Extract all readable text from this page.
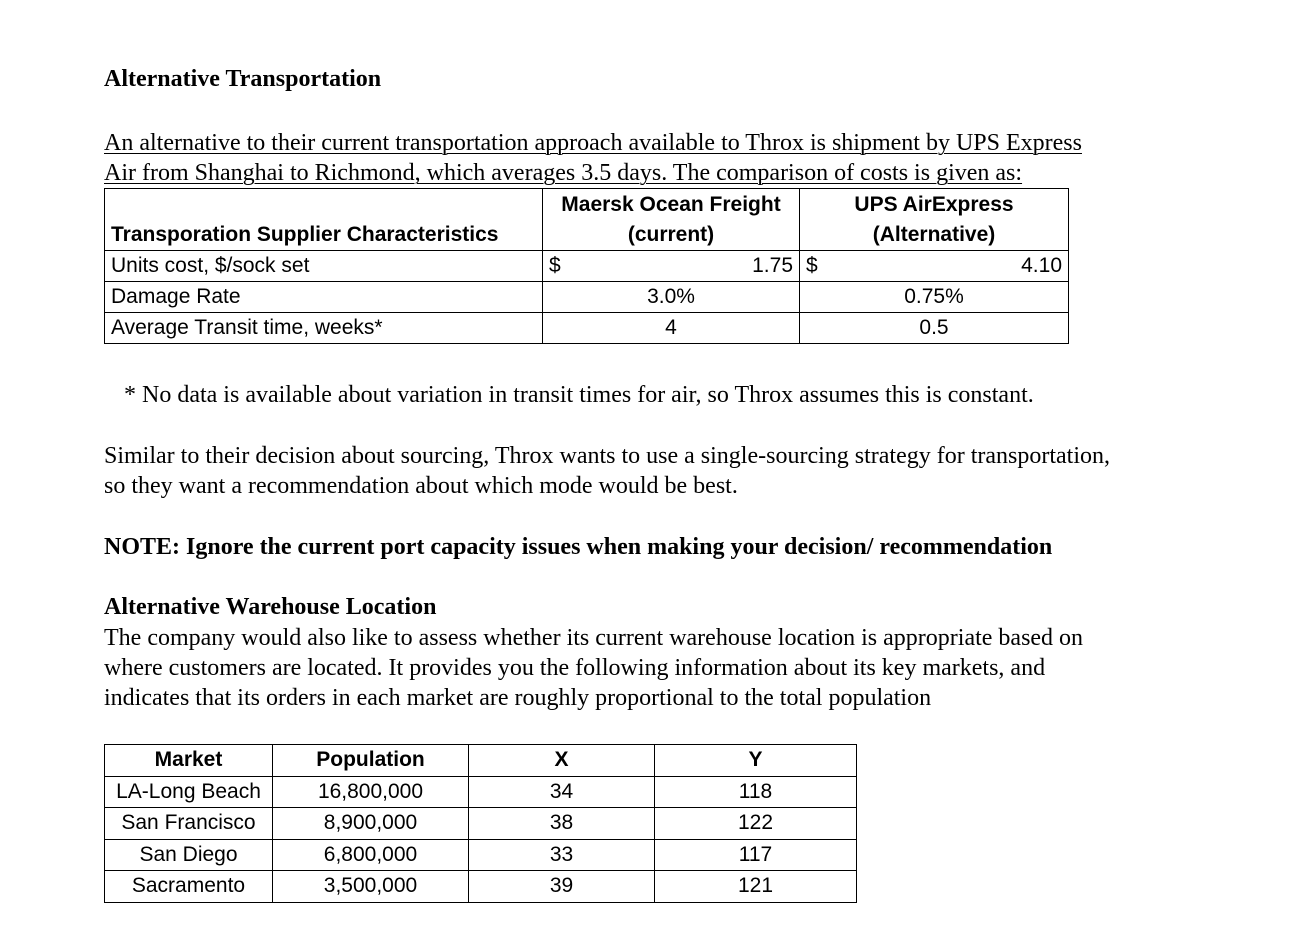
Alternative Transportation
An alternative to their current transportation approach available to Throx is shipment by UPS Express
Air from Shanghai to Richmond, which averages 3.5 days. The comparison of costs is given as:
	Maersk Ocean Freight	UPS AirExpress
Transporation Supplier Characteristics	(current)	(Alternative)
Units cost, $/sock set	$ 1.75	$ 4.10

Damage Rate	3.0%	0.75%
Average Transit time, weeks*	4	0.5
* No data is available about variation in transit times for air, so Throx assumes this is constant.
Similar to their decision about sourcing, Throx wants to use a single-sourcing strategy for transportation,
so they want a recommendation about which mode would be best.
NOTE: Ignore the current port capacity issues when making your decision/ recommendation
Alternative Warehouse Location
The company would also like to assess whether its current warehouse location is appropriate based on
where customers are located. It provides you the following information about its key markets, and
indicates that its orders in each market are roughly proportional to the total population
Market	Population	X	Y
LA-Long Beach	16,800,000	34	118
San Francisco	8,900,000	38	122
San Diego	6,800,000	33	117
Sacramento	3,500,000	39	121
